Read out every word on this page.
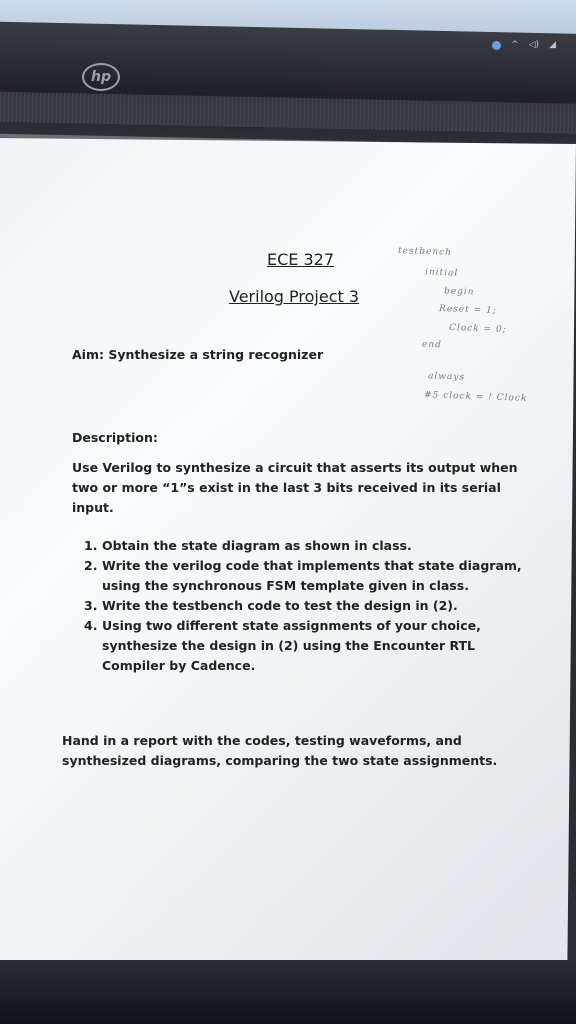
hp
^ ◁) ◢
ECE 327
Verilog Project 3
testbench
initial
begin
Reset = 1;
Clock = 0;
end
always
#5 clock = ! Clock
Aim: Synthesize a string recognizer
Description:
Use Verilog to synthesize a circuit that asserts its output when two or more “1”s exist in the last 3 bits received in its serial input.
1. Obtain the state diagram as shown in class.
2. Write the verilog code that implements that state diagram, using the synchronous FSM template given in class.
3. Write the testbench code to test the design in (2).
4. Using two different state assignments of your choice, synthesize the design in (2) using the Encounter RTL Compiler by Cadence.
Hand in a report with the codes, testing waveforms, and synthesized diagrams, comparing the two state assignments.
